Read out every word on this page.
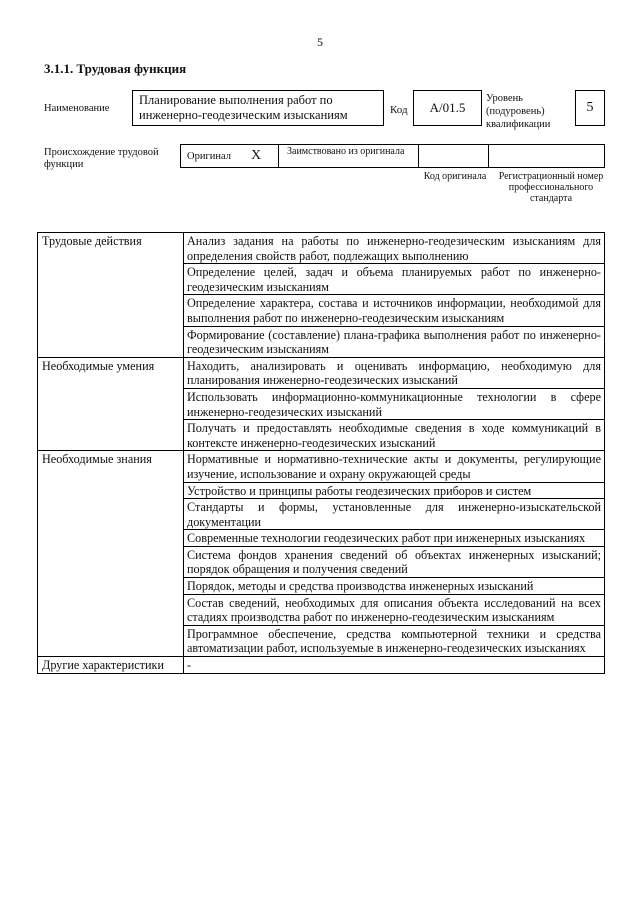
5
3.1.1. Трудовая функция
Наименование
Планирование выполнения работ по инженерно-геодезическим изысканиям	Код	А/01.5
Уровень (подуровень) квалификации
5
Происхождение трудовой функции
Оригинал Х	Заимствовано из оригинала
Код оригинала	Регистрационный номер профессионального стандарта
Трудовые действия	Анализ задания на работы по инженерно-геодезическим изысканиям для определения свойств работ, подлежащих выполнению
	Определение целей, задач и объема планируемых работ по инженерно-геодезическим изысканиям
	Определение характера, состава и источников информации, необходимой для выполнения работ по инженерно-геодезическим изысканиям
	Формирование (составление) плана-графика выполнения работ по инженерно-геодезическим изысканиям
Необходимые умения	Находить, анализировать и оценивать информацию, необходимую для планирования инженерно-геодезических изысканий
	Использовать информационно-коммуникационные технологии в сфере инженерно-геодезических изысканий
	Получать и предоставлять необходимые сведения в ходе коммуникаций в контексте инженерно-геодезических изысканий
Необходимые знания	Нормативные и нормативно-технические акты и документы, регулирующие изучение, использование и охрану окружающей среды
	Устройство и принципы работы геодезических приборов и систем
	Стандарты и формы, установленные для инженерно-изыскательской документации
	Современные технологии геодезических работ при инженерных изысканиях
	Система фондов хранения сведений об объектах инженерных изысканий; порядок обращения и получения сведений
	Порядок, методы и средства производства инженерных изысканий
	Состав сведений, необходимых для описания объекта исследований на всех стадиях производства работ по инженерно-геодезическим изысканиям
	Программное обеспечение, средства компьютерной техники и средства автоматизации работ, используемые в инженерно-геодезических изысканиях
Другие характеристики	-
